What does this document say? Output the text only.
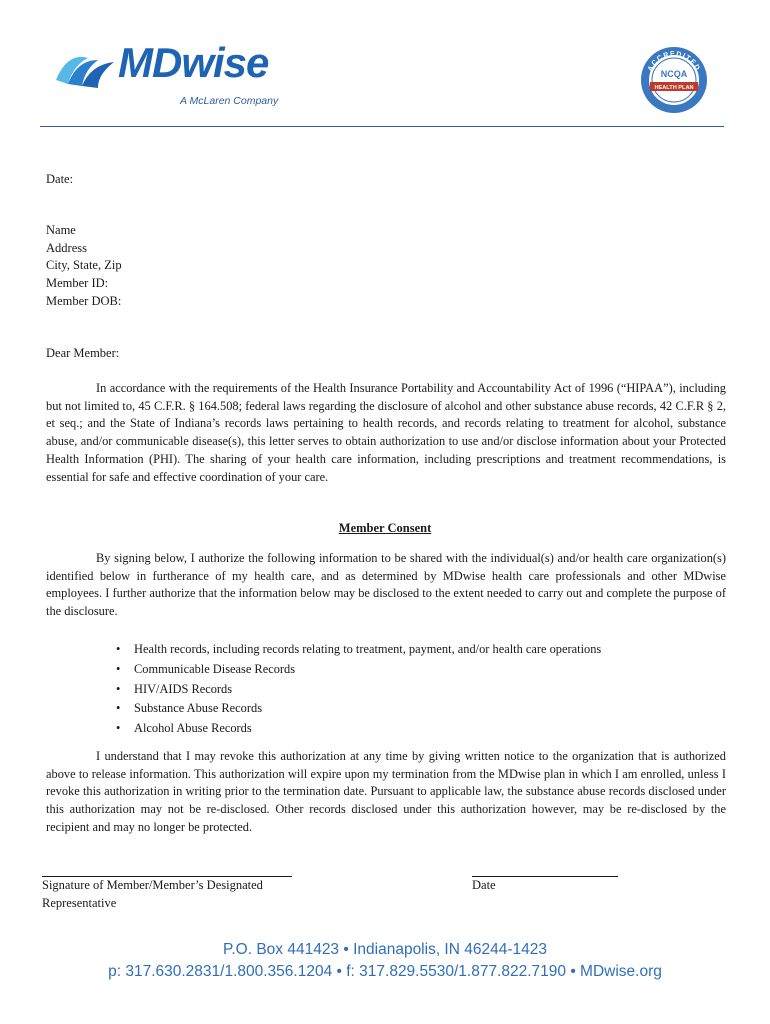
MDwise
A McLaren Company
ACCREDITED
NCQA
HEALTH PLAN
Date:
Name
Address
City, State, Zip
Member ID:
Member DOB:
Dear Member:

In accordance with the requirements of the Health Insurance Portability and Accountability Act of 1996 (“HIPAA”), including but not limited to, 45 C.F.R. § 164.508; federal laws regarding the disclosure of alcohol and other substance abuse records, 42 C.F.R § 2, et seq.; and the State of Indiana’s records laws pertaining to health records, and records relating to treatment for alcohol, substance abuse, and/or communicable disease(s), this letter serves to obtain authorization to use and/or disclose information about your Protected Health Information (PHI). The sharing of your health care information, including prescriptions and treatment recommendations, is essential for safe and effective coordination of your care.

Member Consent

By signing below, I authorize the following information to be shared with the individual(s) and/or health care organization(s) identified below in furtherance of my health care, and as determined by MDwise health care professionals and other MDwise employees. I further authorize that the information below may be disclosed to the extent needed to carry out and complete the purpose of the disclosure.

• Health records, including records relating to treatment, payment, and/or health care operations
• Communicable Disease Records
• HIV/AIDS Records
• Substance Abuse Records
• Alcohol Abuse Records

I understand that I may revoke this authorization at any time by giving written notice to the organization that is authorized above to release information. This authorization will expire upon my termination from the MDwise plan in which I am enrolled, unless I revoke this authorization in writing prior to the termination date. Pursuant to applicable law, the substance abuse records disclosed under this authorization may not be re-disclosed. Other records disclosed under this authorization however, may be re-disclosed by the recipient and may no longer be protected.

Signature of Member/Member’s Designated Representative
Date
P.O. Box 441423 • Indianapolis, IN 46244-1423
p: 317.630.2831/1.800.356.1204 • f: 317.829.5530/1.877.822.7190 • MDwise.org
